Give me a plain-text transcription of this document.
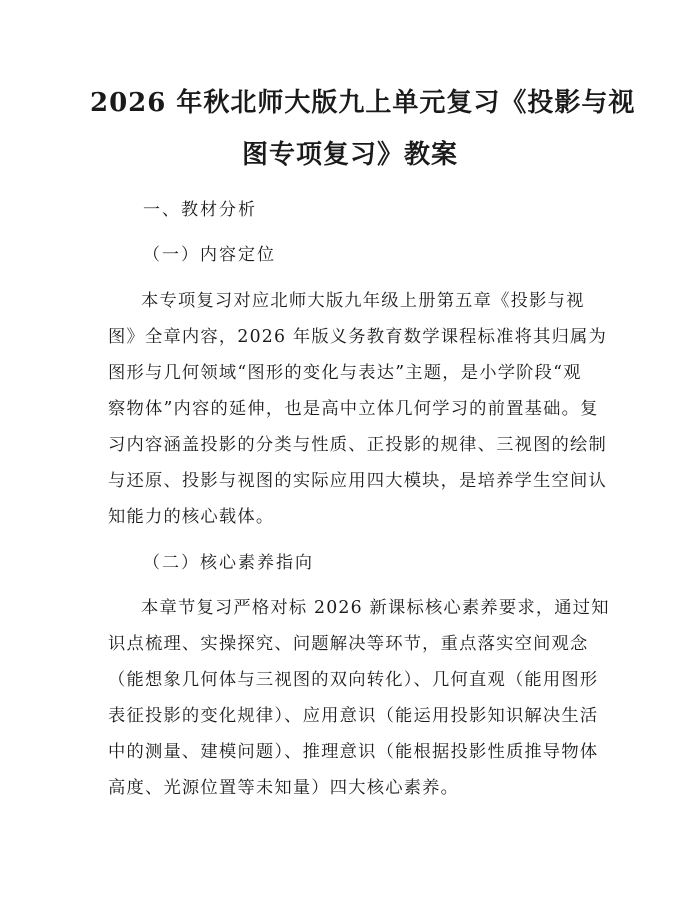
2026 年秋北师大版九上单元复习《投影与视
图专项复习》教案
一、教材分析
（一）内容定位
本专项复习对应北师大版九年级上册第五章《投影与视
图》全章内容，2026 年版义务教育数学课程标准将其归属为
图形与几何领域“图形的变化与表达”主题，是小学阶段“观
察物体”内容的延伸，也是高中立体几何学习的前置基础。复
习内容涵盖投影的分类与性质、正投影的规律、三视图的绘制
与还原、投影与视图的实际应用四大模块，是培养学生空间认
知能力的核心载体。
（二）核心素养指向
本章节复习严格对标 2026 新课标核心素养要求，通过知
识点梳理、实操探究、问题解决等环节，重点落实空间观念
（能想象几何体与三视图的双向转化）、几何直观（能用图形
表征投影的变化规律）、应用意识（能运用投影知识解决生活
中的测量、建模问题）、推理意识（能根据投影性质推导物体
高度、光源位置等未知量）四大核心素养。
